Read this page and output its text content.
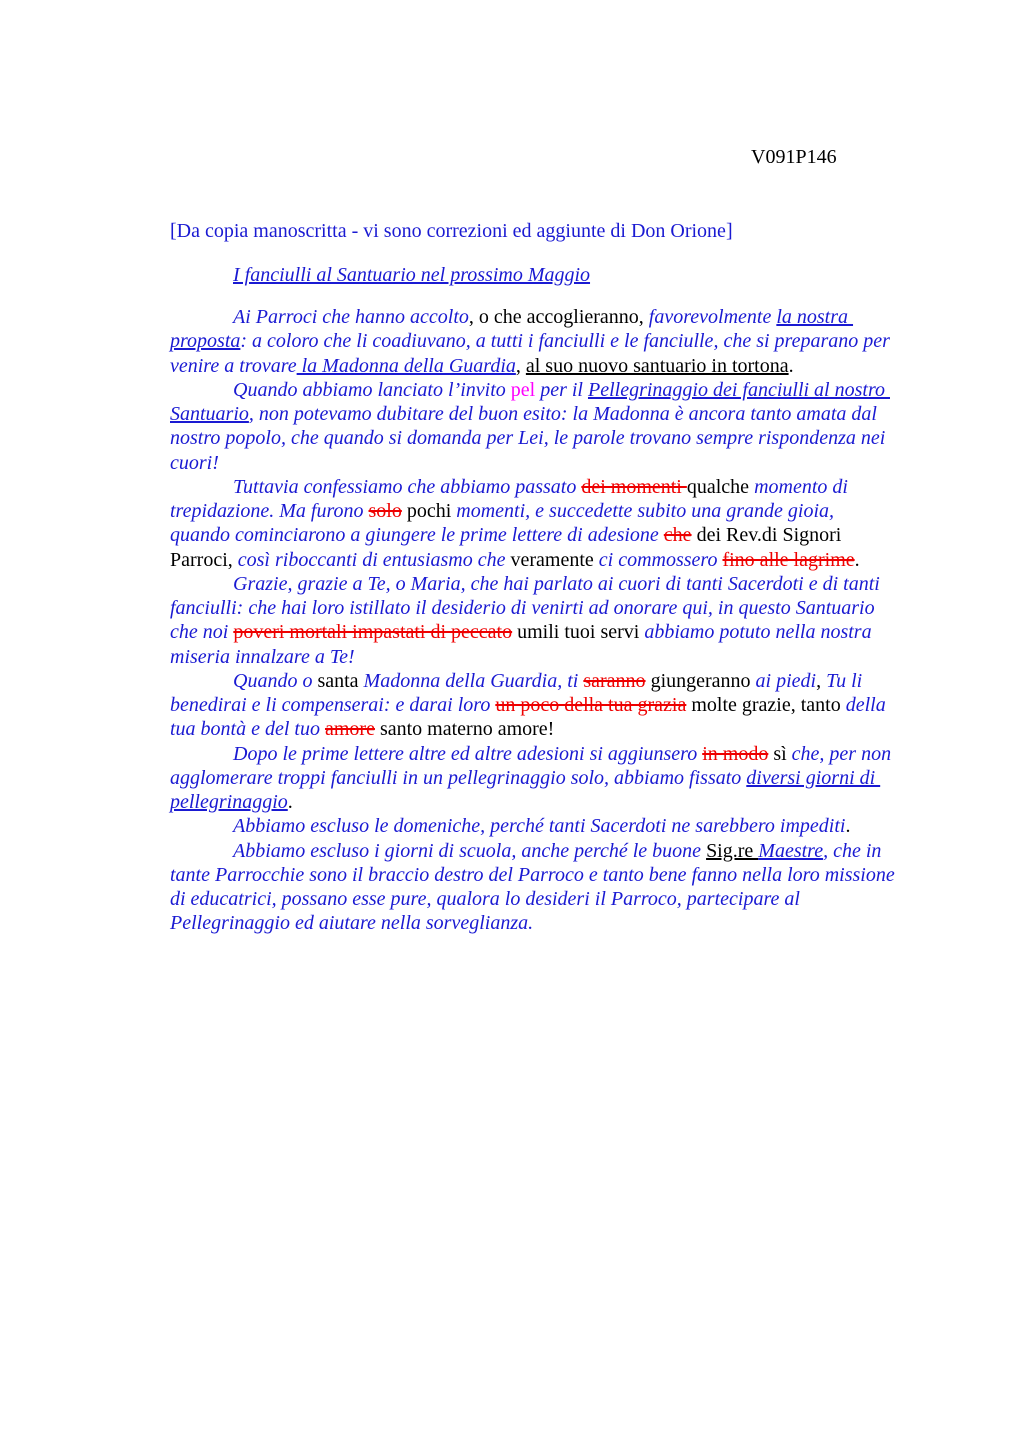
V091P146
[Da copia manoscritta - vi sono correzioni ed aggiunte di Don Orione]
I fanciulli al Santuario nel prossimo Maggio
Ai Parroci che hanno accolto, o che accoglieranno, favorevolmente la nostra
proposta: a coloro che li coadiuvano, a tutti i fanciulli e le fanciulle, che si preparano per
venire a trovare la Madonna della Guardia, al suo nuovo santuario in tortona.
Quando abbiamo lanciato l’invito pel per il Pellegrinaggio dei fanciulli al nostro
Santuario, non potevamo dubitare del buon esito: la Madonna è ancora tanto amata dal
nostro popolo, che quando si domanda per Lei, le parole trovano sempre rispondenza nei
cuori!
Tuttavia confessiamo che abbiamo passato dei momenti qualche momento di
trepidazione. Ma furono solo pochi momenti, e succedette subito una grande gioia,
quando cominciarono a giungere le prime lettere di adesione che dei Rev.di Signori
Parroci, così riboccanti di entusiasmo che veramente ci commossero fino alle lagrime.
Grazie, grazie a Te, o Maria, che hai parlato ai cuori di tanti Sacerdoti e di tanti
fanciulli: che hai loro istillato il desiderio di venirti ad onorare qui, in questo Santuario
che noi poveri mortali impastati di peccato umili tuoi servi abbiamo potuto nella nostra
miseria innalzare a Te!
Quando o santa Madonna della Guardia, ti saranno giungeranno ai piedi, Tu li
benedirai e li compenserai: e darai loro un poco della tua grazia molte grazie, tanto della
tua bontà e del tuo amore santo materno amore!
Dopo le prime lettere altre ed altre adesioni si aggiunsero in modo sì che, per non
agglomerare troppi fanciulli in un pellegrinaggio solo, abbiamo fissato diversi giorni di
pellegrinaggio.
Abbiamo escluso le domeniche, perché tanti Sacerdoti ne sarebbero impediti.
Abbiamo escluso i giorni di scuola, anche perché le buone Sig.re Maestre, che in
tante Parrocchie sono il braccio destro del Parroco e tanto bene fanno nella loro missione
di educatrici, possano esse pure, qualora lo desideri il Parroco, partecipare al
Pellegrinaggio ed aiutare nella sorveglianza.
